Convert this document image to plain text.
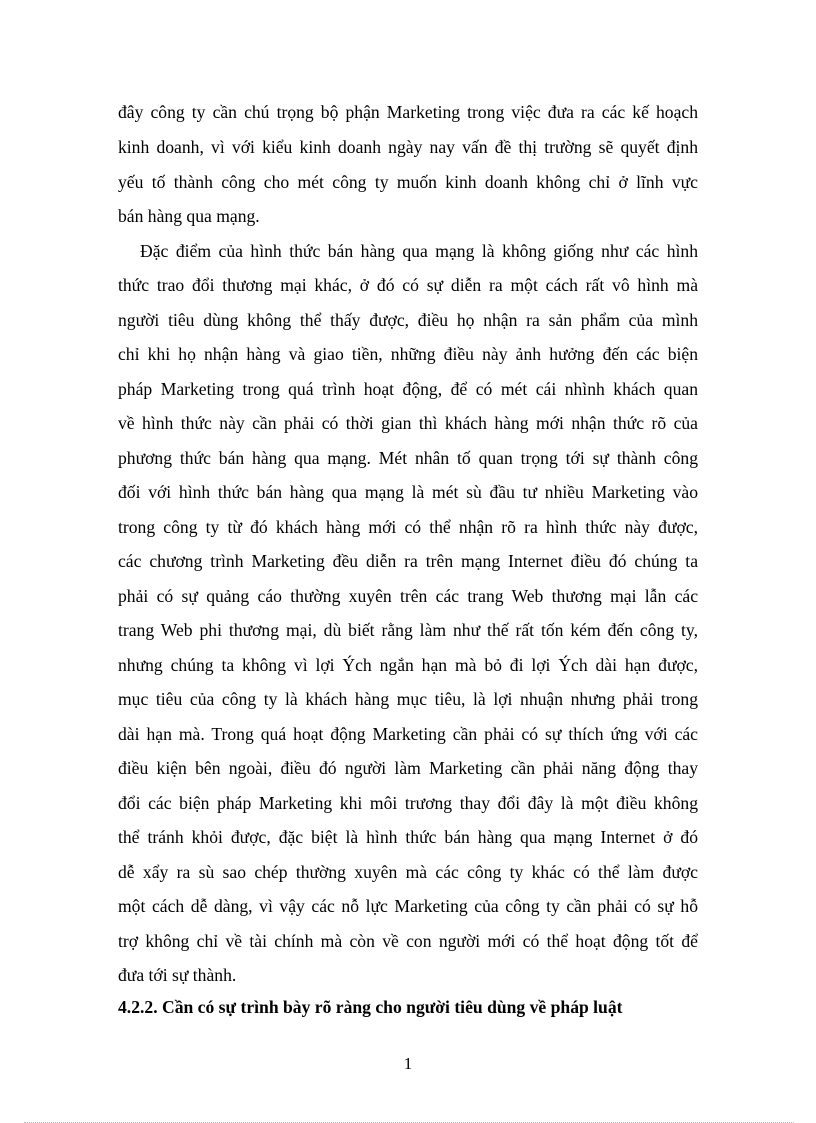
đây công ty cần chú trọng bộ phận Marketing trong việc đưa ra các kế hoạch
kinh doanh, vì với kiểu kinh doanh ngày nay vấn đề thị trường sẽ quyết định
yếu tố thành công cho mét công ty muốn kinh doanh không chỉ ở lĩnh vực
bán hàng qua mạng.
Đặc điểm của hình thức bán hàng qua mạng là không giống như các hình
thức trao đổi thương mại khác, ở đó có sự diễn ra một cách rất vô hình mà
người tiêu dùng không thể thấy được, điều họ nhận ra sản phẩm của mình
chỉ khi họ nhận hàng và giao tiền, những điều này ảnh hưởng đến các biện
pháp Marketing trong quá trình hoạt động, để có mét cái nhình khách quan
về hình thức này cần phải có thời gian thì khách hàng mới nhận thức rõ của
phương thức bán hàng qua mạng. Mét nhân tố quan trọng tới sự thành công
đối với hình thức bán hàng qua mạng là mét sù đầu tư nhiều Marketing vào
trong công ty từ đó khách hàng mới có thể nhận rõ ra hình thức này được,
các chương trình Marketing đều diễn ra trên mạng Internet điều đó chúng ta
phải có sự quảng cáo thường xuyên trên các trang Web thương mại lẫn các
trang Web phi thương mại, dù biết rằng làm như thế rất tốn kém đến công ty,
nhưng chúng ta không vì lợi Ých ngắn hạn mà bỏ đi lợi Ých dài hạn được,
mục tiêu của công ty là khách hàng mục tiêu, là lợi nhuận nhưng phải trong
dài hạn mà. Trong quá hoạt động Marketing cần phải có sự thích ứng với các
điều kiện bên ngoài, điều đó người làm Marketing cần phải năng động thay
đổi các biện pháp Marketing khi môi trương thay đổi đây là một điều không
thể tránh khỏi được, đặc biệt là hình thức bán hàng qua mạng Internet ở đó
dễ xẩy ra sù sao chép thường xuyên mà các công ty khác có thể làm được
một cách dễ dàng, vì vậy các nỗ lực Marketing của công ty cần phải có sự hỗ
trợ không chỉ về tài chính mà còn về con người mới có thể hoạt động tốt để
đưa tới sự thành.
4.2.2. Cần có sự trình bày rõ ràng cho người tiêu dùng về pháp luật
1
